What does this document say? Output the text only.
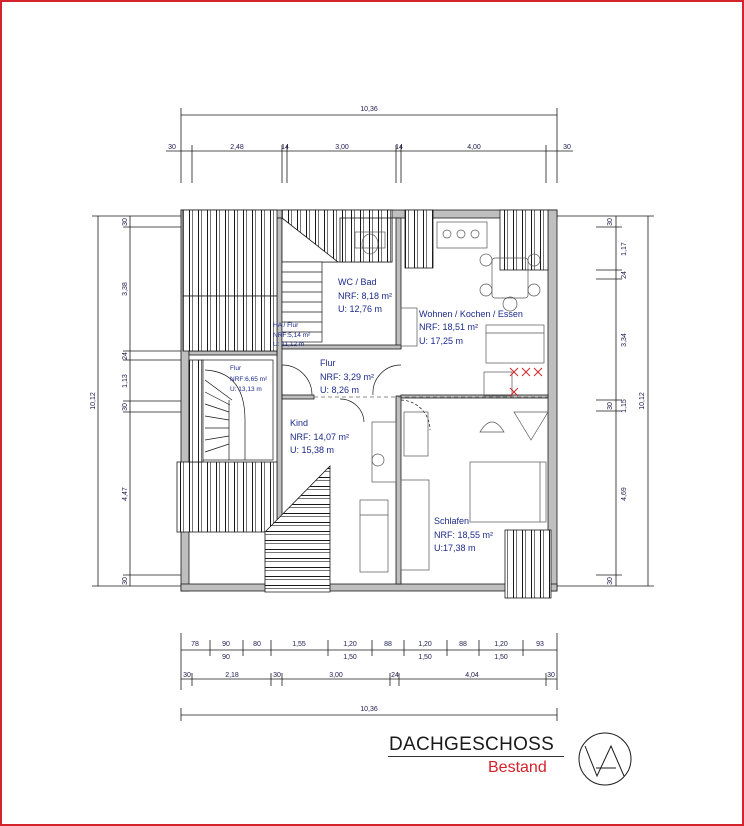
10,36
30	2,48	14	3,00	14	4,00	30
10,12
30
3,38
24
1,13
30
4,47
30
10,12
30
1,17
24
3,34
30 1,15
4,69
30
78	90	80	1,55	1,20	88	1,20	88	1,20	93
90	1,50	1,50	1,50
30	2,18	30	3,00	24	4,04	30
10,36
WC / Bad
NRF: 8,18 m²
U: 12,76 m	Wohnen / Kochen / Essen
NRF: 18,51 m²
U: 17,25 m
HA / Flur
NRF:5,14 m²
U: 11,12 m
Flur
NRF:6,65 m²
U: 13,13 m
Flur
NRF: 3,29 m²
U: 8,26 m
Kind
NRF: 14,07 m²
U: 15,38 m
Schlafen
NRF: 18,55 m²
U:17,38 m
DACHGESCHOSS
Bestand
